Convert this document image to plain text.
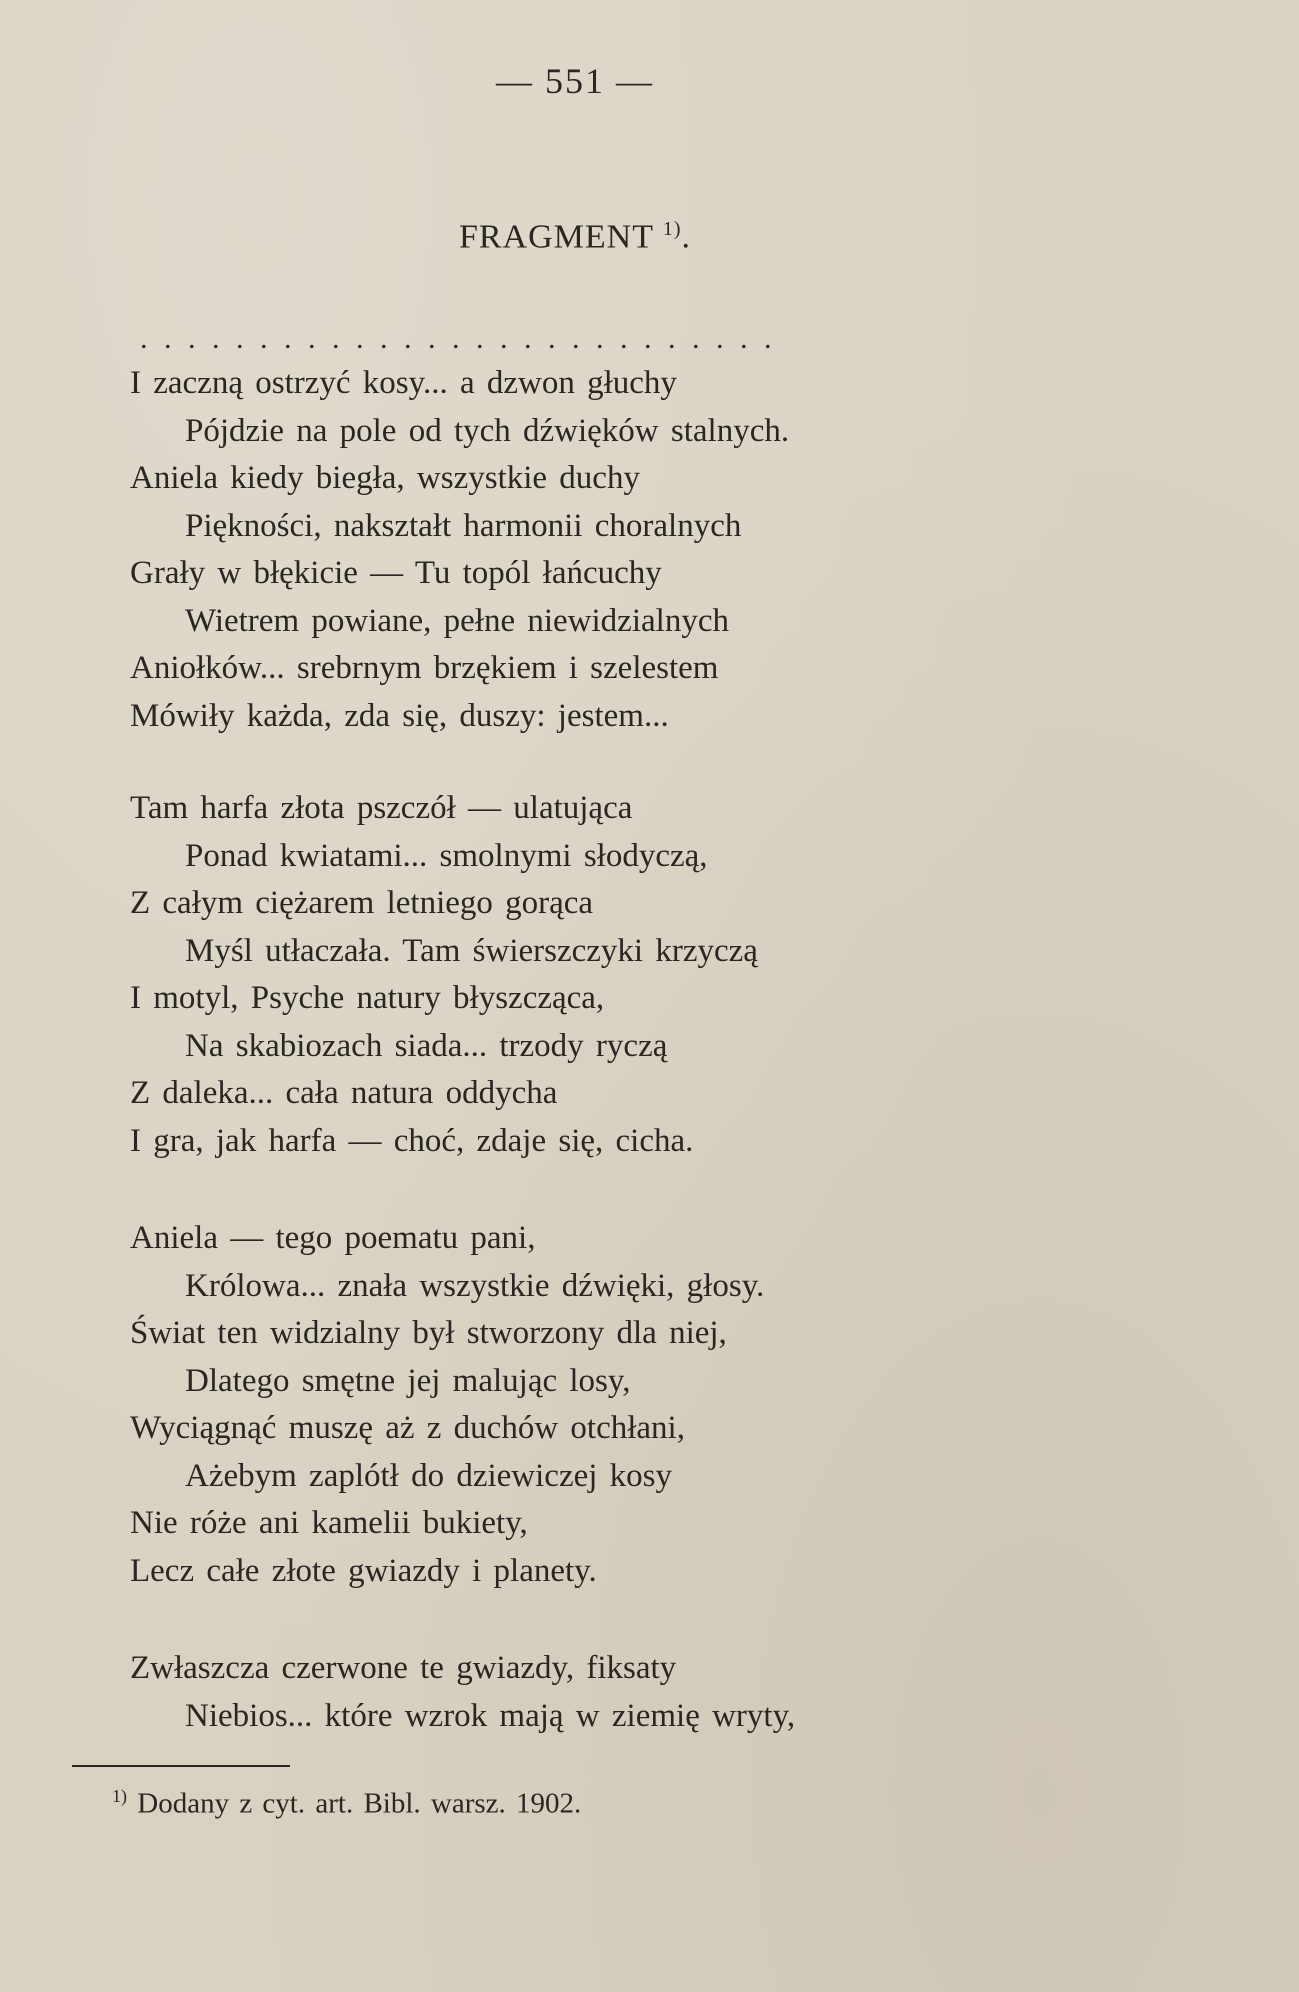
— 551 —
FRAGMENT $^{1)}$.
...........................
I zaczną ostrzyć kosy... a dzwon głuchy
Pójdzie na pole od tych dźwięków stalnych.
Aniela kiedy biegła, wszystkie duchy
Piękności, nakształt harmonii choralnych
Grały w błękicie — Tu topól łańcuchy
Wietrem powiane, pełne niewidzialnych
Aniołków... srebrnym brzękiem i szelestem
Mówiły każda, zda się, duszy: jestem...
Tam harfa złota pszczół — ulatująca
Ponad kwiatami... smolnymi słodyczą,
Z całym ciężarem letniego gorąca
Myśl utłaczała. Tam świerszczyki krzyczą
I motyl, Psyche natury błyszcząca,
Na skabiozach siada... trzody ryczą
Z daleka... cała natura oddycha
I gra, jak harfa — choć, zdaje się, cicha.
Aniela — tego poematu pani,
Królowa... znała wszystkie dźwięki, głosy.
Świat ten widzialny był stworzony dla niej,
Dlatego smętne jej malując losy,
Wyciągnąć muszę aż z duchów otchłani,
Ażebym zaplótł do dziewiczej kosy
Nie róże ani kamelii bukiety,
Lecz całe złote gwiazdy i planety.
Zwłaszcza czerwone te gwiazdy, fiksaty
Niebios... które wzrok mają w ziemię wryty,
$^{1)}$ Dodany z cyt. art. Bibl. warsz. 1902.
